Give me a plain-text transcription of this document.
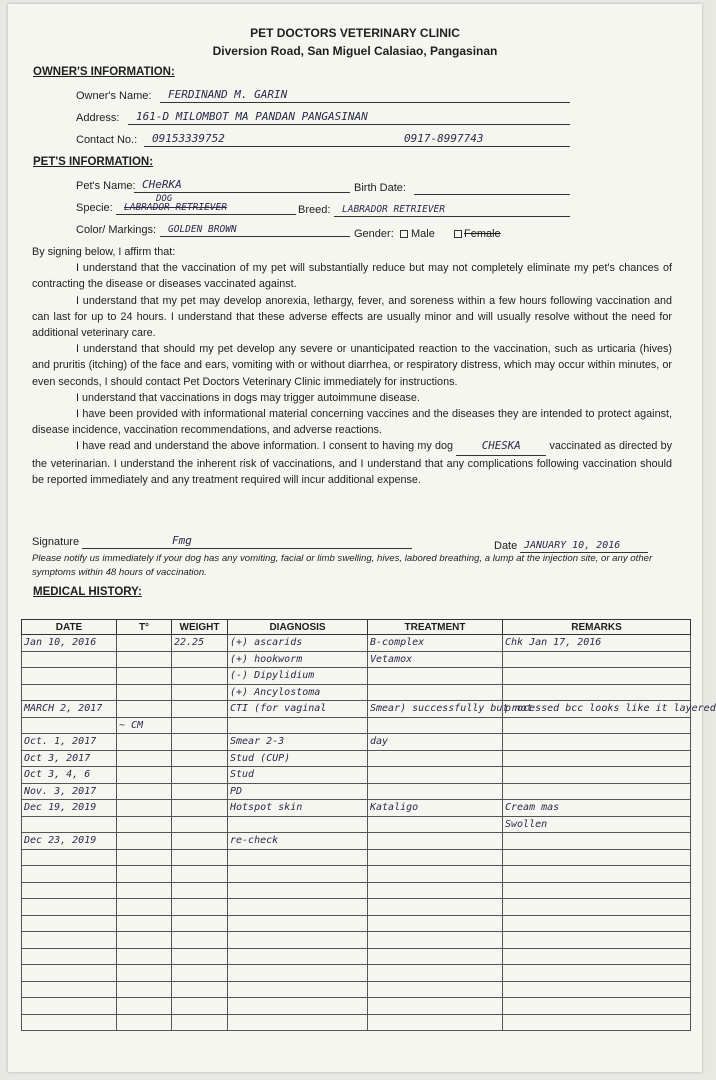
PET DOCTORS VETERINARY CLINIC
Diversion Road, San Miguel Calasiao, Pangasinan
OWNER'S INFORMATION:
Owner's Name: FERDINAND M. GARIN
Address: 161-D MILOMBOT MA PANDAN PANGASINAN
Contact No.: 09153339752	0917-8997743
PET'S INFORMATION:
Pet's Name: CHeRKA	Birth Date:
Specie:
DOG
LABRADOR RETRIEVER	Breed: LABRADOR RETRIEVER
Color/ Markings: GOLDEN BROWN	Gender:	Male	Female

By signing below, I affirm that:

I understand that the vaccination of my pet will substantially reduce but may not completely eliminate my pet's chances of contracting the disease or diseases vaccinated against.

I understand that my pet may develop anorexia, lethargy, fever, and soreness within a few hours following vaccination and can last for up to 24 hours. I understand that these adverse effects are usually minor and will usually resolve without the need for additional veterinary care.

I understand that should my pet develop any severe or unanticipated reaction to the vaccination, such as urticaria (hives) and pruritis (itching) of the face and ears, vomiting with or without diarrhea, or respiratory distress, which may occur within minutes, or even seconds, I should contact Pet Doctors Veterinary Clinic immediately for instructions.

I understand that vaccinations in dogs may trigger autoimmune disease.

I have been provided with informational material concerning vaccines and the diseases they are intended to protect against, disease incidence, vaccination recommendations, and adverse reactions.

I have read and understand the above information. I consent to having my dog	CHESKA	vaccinated as directed by the veterinarian. I understand the inherent risk of vaccinations, and I understand that any complications following vaccination should be reported immediately and any treatment required will incur additional expense.

Signature	Fmg	Date JANUARY 10, 2016
Please notify us immediately if your dog has any vomiting, facial or limb swelling, hives, labored breathing, a lump at the injection site, or any other symptoms within 48 hours of vaccination.
MEDICAL HISTORY:
DATE	T°	WEIGHT	DIAGNOSIS	TREATMENT	REMARKS
Jan 10, 2016		22.25	(+) ascarids	B-complex	Chk Jan 17, 2016
			(+) hookworm	Vetamox	
			(-) Dipylidium		
			(+) Ancylostoma		
MARCH 2, 2017			CTI (for vaginal	Smear) successfully but not	processed bcc looks like it layered
	~ CM				
Oct. 1, 2017			Smear 2-3	day	
Oct 3, 2017			Stud (CUP)		
Oct 3, 4, 6			Stud		
Nov. 3, 2017			PD		
Dec 19, 2019			Hotspot skin	Kataligo	Cream mas
					Swollen
Dec 23, 2019			re-check		
